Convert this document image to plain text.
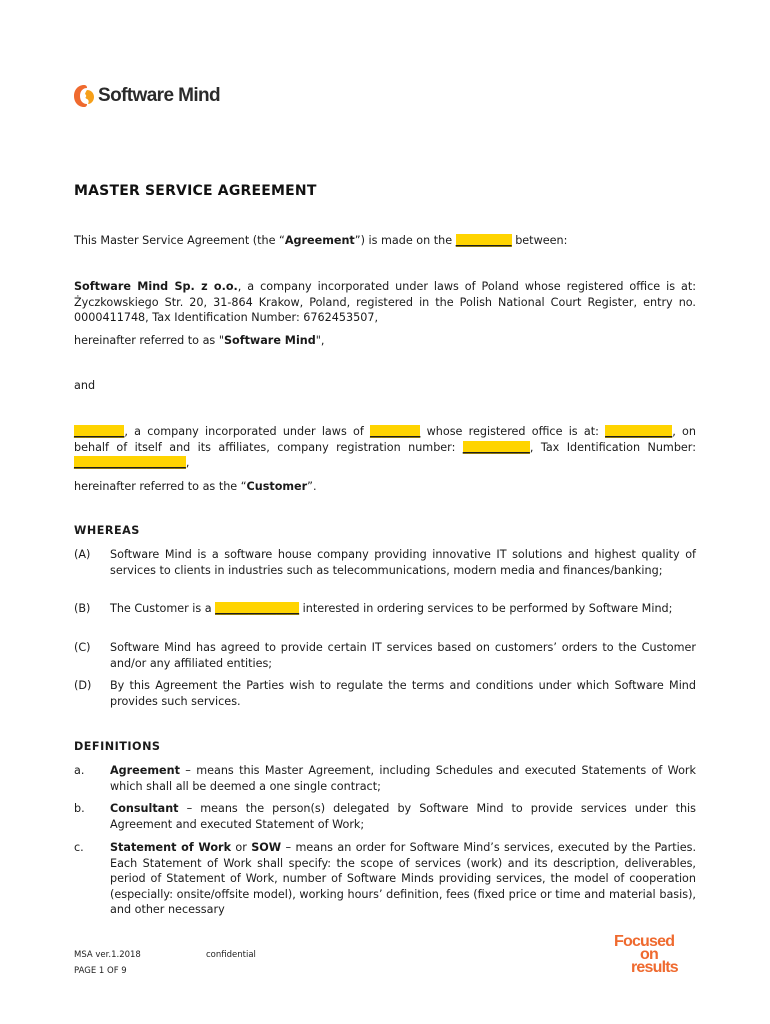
Software Mind
MASTER SERVICE AGREEMENT

This Master Service Agreement (the “Agreement”) is made on the __________ between:

Software Mind Sp. z o.o., a company incorporated under laws of Poland whose registered office is at: Życzkowskiego Str. 20, 31-864 Krakow, Poland, registered in the Polish National Court Register, entry no. 0000411748, Tax Identification Number: 6762453507,

hereinafter referred to as "Software Mind",

and

_________, a company incorporated under laws of _________ whose registered office is at: ____________, on behalf of itself and its affiliates, company registration number: ____________, Tax Identification Number: ____________________,

hereinafter referred to as the “Customer”.

WHEREAS
(A)	Software Mind is a software house company providing innovative IT solutions and highest quality of services to clients in industries such as telecommunications, modern media and finances/banking;
(B)	The Customer is a _______________ interested in ordering services to be performed by Software Mind;
(C)	Software Mind has agreed to provide certain IT services based on customers’ orders to the Customer and/or any affiliated entities;
(D)	By this Agreement the Parties wish to regulate the terms and conditions under which Software Mind provides such services.
DEFINITIONS
a.	Agreement – means this Master Agreement, including Schedules and executed Statements of Work which shall all be deemed a one single contract;
b.	Consultant – means the person(s) delegated by Software Mind to provide services under this Agreement and executed Statement of Work;
c.	Statement of Work or SOW – means an order for Software Mind’s services, executed by the Parties. Each Statement of Work shall specify: the scope of services (work) and its description, deliverables, period of Statement of Work, number of Software Minds providing services, the model of cooperation (especially: onsite/offsite model), working hours’ definition, fees (fixed price or time and material basis), and other necessary
MSA ver.1.2018	confidential
PAGE 1 OF 9
Focused
on
results
